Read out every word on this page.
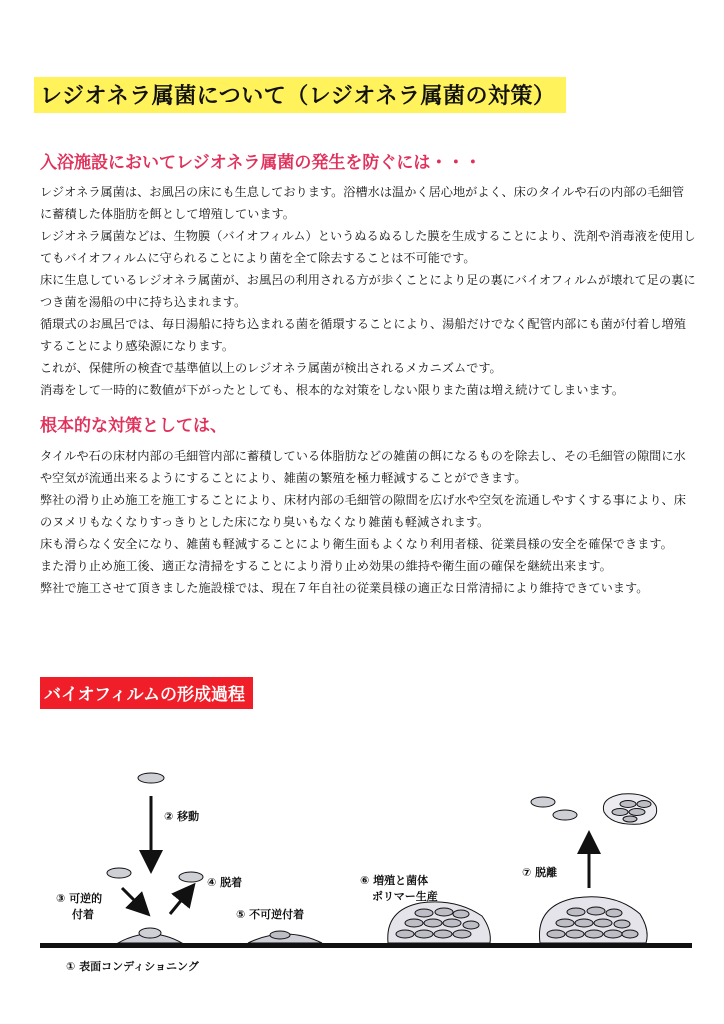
レジオネラ属菌について（レジオネラ属菌の対策）
入浴施設においてレジオネラ属菌の発生を防ぐには・・・

レジオネラ属菌は、お風呂の床にも生息しております。浴槽水は温かく居心地がよく、床のタイルや石の内部の毛細管に蓄積した体脂肪を餌として増殖しています。

レジオネラ属菌などは、生物膜（バイオフィルム）というぬるぬるした膜を生成することにより、洗剤や消毒液を使用してもバイオフィルムに守られることにより菌を全て除去することは不可能です。

床に生息しているレジオネラ属菌が、お風呂の利用される方が歩くことにより足の裏にバイオフィルムが壊れて足の裏につき菌を湯船の中に持ち込まれます。

循環式のお風呂では、毎日湯船に持ち込まれる菌を循環することにより、湯船だけでなく配管内部にも菌が付着し増殖することにより感染源になります。

これが、保健所の検査で基準値以上のレジオネラ属菌が検出されるメカニズムです。

消毒をして一時的に数値が下がったとしても、根本的な対策をしない限りまた菌は増え続けてしまいます。

根本的な対策としては、

タイルや石の床材内部の毛細管内部に蓄積している体脂肪などの雑菌の餌になるものを除去し、その毛細管の隙間に水や空気が流通出来るようにすることにより、雑菌の繁殖を極力軽減することができます。

弊社の滑り止め施工を施工することにより、床材内部の毛細管の隙間を広げ水や空気を流通しやすくする事により、床のヌメリもなくなりすっきりとした床になり臭いもなくなり雑菌も軽減されます。

床も滑らなく安全になり、雑菌も軽減することにより衛生面もよくなり利用者様、従業員様の安全を確保できます。

また滑り止め施工後、適正な清掃をすることにより滑り止め効果の維持や衛生面の確保を継続出来ます。

弊社で施工させて頂きました施設様では、現在７年自社の従業員様の適正な日常清掃により維持できています。

バイオフィルムの形成過程
② 移動
③ 可逆的
付着
④ 脱着
⑤ 不可逆付着
⑥ 増殖と菌体
ポリマー生産
⑦ 脱離
① 表面コンディショニング
